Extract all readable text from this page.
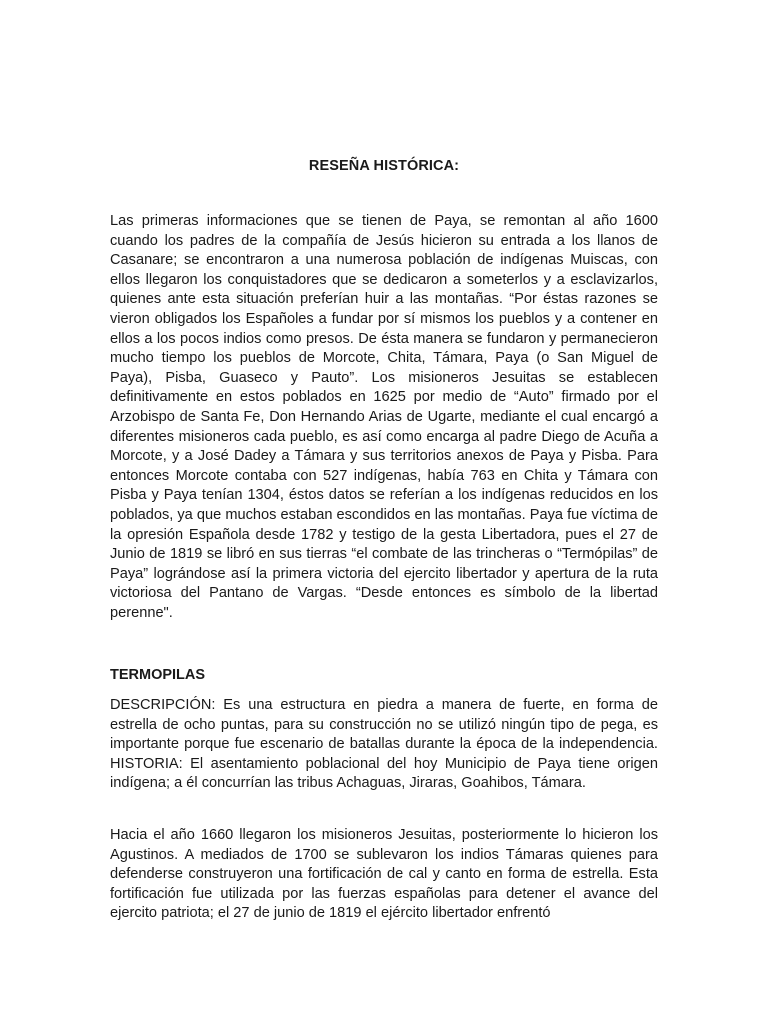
RESEÑA HISTÓRICA:

Las primeras informaciones que se tienen de Paya, se remontan al año 1600 cuando los padres de la compañía de Jesús hicieron su entrada a los llanos de Casanare; se encontraron a una numerosa población de indígenas Muiscas, con ellos llegaron los conquistadores que se dedicaron a someterlos y a esclavizarlos, quienes ante esta situación preferían huir a las montañas. “Por éstas razones se vieron obligados los Españoles a fundar por sí mismos los pueblos y a contener en ellos a los pocos indios como presos. De ésta manera se fundaron y permanecieron mucho tiempo los pueblos de Morcote, Chita, Támara, Paya (o San Miguel de Paya), Pisba, Guaseco y Pauto”. Los misioneros Jesuitas se establecen definitivamente en estos poblados en 1625 por medio de “Auto” firmado por el Arzobispo de Santa Fe, Don Hernando Arias de Ugarte, mediante el cual encargó a diferentes misioneros cada pueblo, es así como encarga al padre Diego de Acuña a Morcote, y a José Dadey a Támara y sus territorios anexos de Paya y Pisba. Para entonces Morcote contaba con 527 indígenas, había 763 en Chita y Támara con Pisba y Paya tenían 1304, éstos datos se referían a los indígenas reducidos en los poblados, ya que muchos estaban escondidos en las montañas. Paya fue víctima de la opresión Española desde 1782 y testigo de la gesta Libertadora, pues el 27 de Junio de 1819 se libró en sus tierras “el combate de las trincheras o “Termópilas” de Paya” lográndose así la primera victoria del ejercito libertador y apertura de la ruta victoriosa del Pantano de Vargas. “Desde entonces es símbolo de la libertad perenne".

TERMOPILAS

DESCRIPCIÓN: Es una estructura en piedra a manera de fuerte, en forma de estrella de ocho puntas, para su construcción no se utilizó ningún tipo de pega, es importante porque fue escenario de batallas durante la época de la independencia. HISTORIA: El asentamiento poblacional del hoy Municipio de Paya tiene origen indígena; a él concurrían las tribus Achaguas, Jiraras, Goahibos, Támara.

Hacia el año 1660 llegaron los misioneros Jesuitas, posteriormente lo hicieron los Agustinos. A mediados de 1700 se sublevaron los indios Támaras quienes para defenderse construyeron una fortificación de cal y canto en forma de estrella. Esta fortificación fue utilizada por las fuerzas españolas para detener el avance del ejercito patriota; el 27 de junio de 1819 el ejército libertador enfrentó
